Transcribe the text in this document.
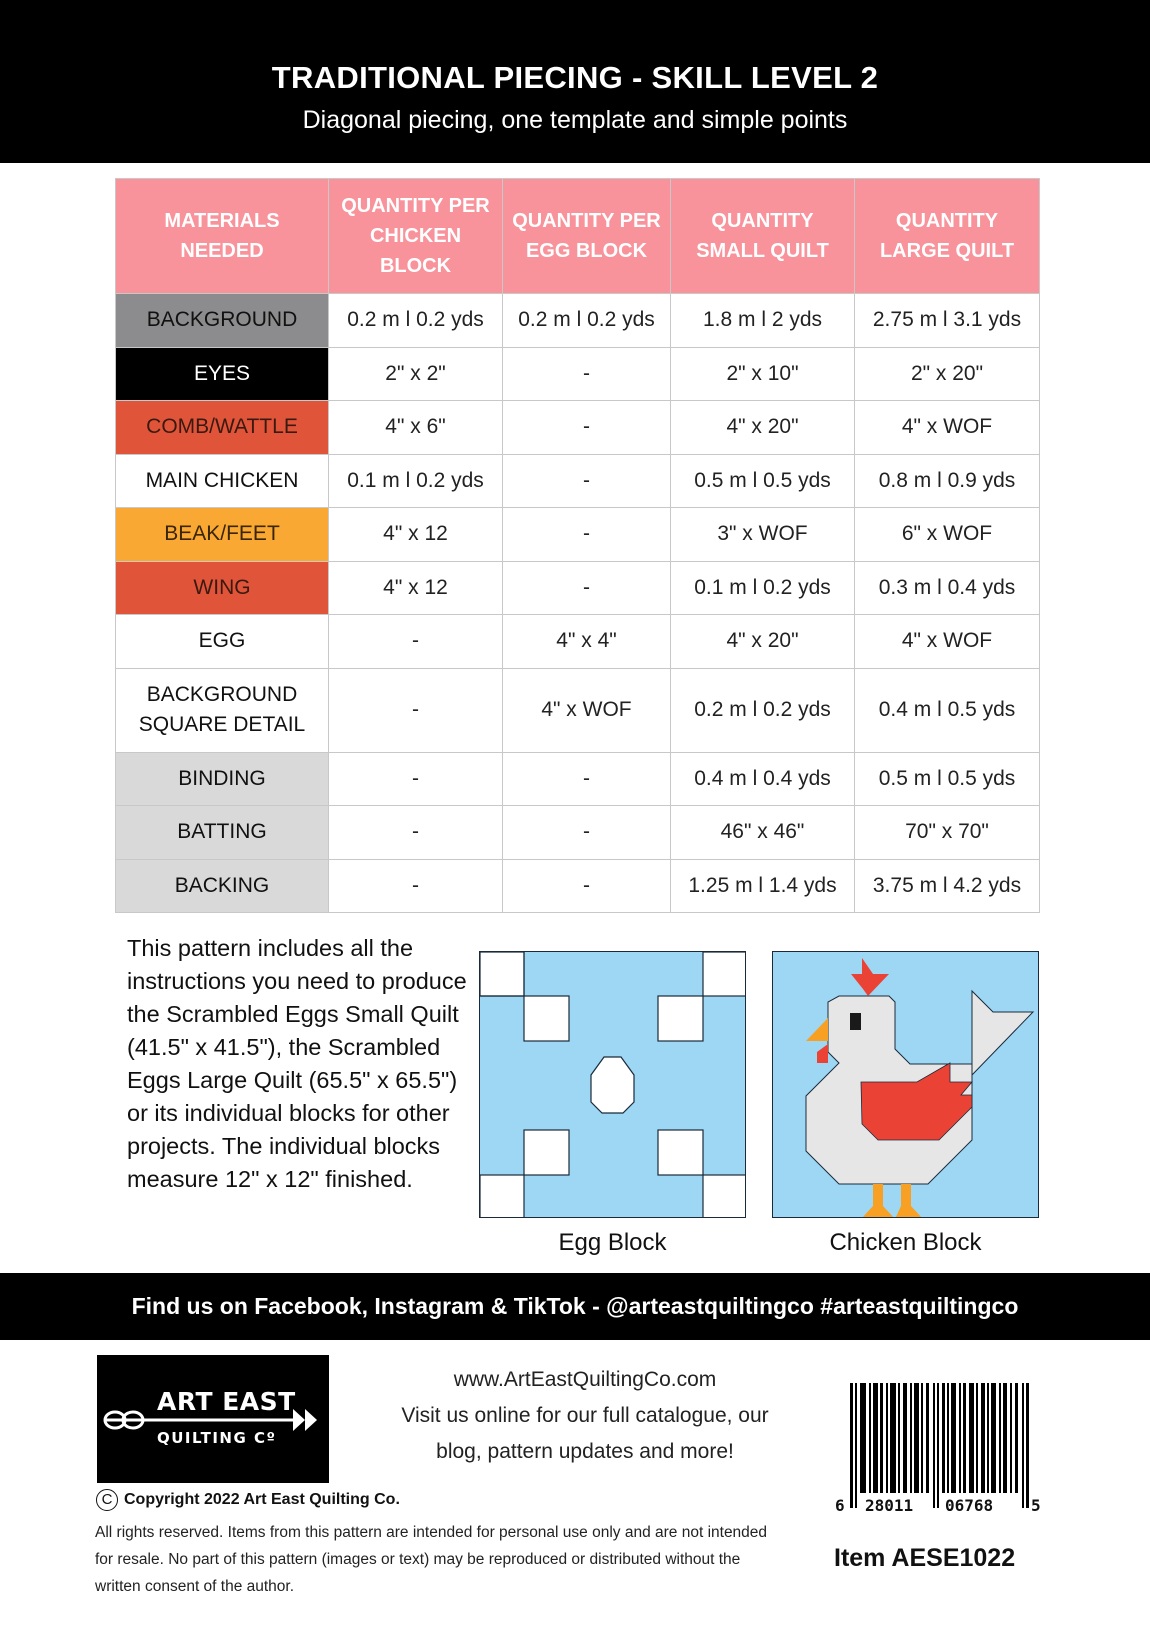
TRADITIONAL PIECING - SKILL LEVEL 2
Diagonal piecing, one template and simple points
MATERIALS NEEDED	QUANTITY PER CHICKEN BLOCK	QUANTITY PER EGG BLOCK	QUANTITY SMALL QUILT	QUANTITY LARGE QUILT
BACKGROUND	0.2 m l 0.2 yds	0.2 m l 0.2 yds	1.8 m l 2 yds	2.75 m l 3.1 yds
EYES	2" x 2"	-	2" x 10"	2" x 20"
COMB/WATTLE	4" x 6"	-	4" x 20"	4" x WOF
MAIN CHICKEN	0.1 m l 0.2 yds	-	0.5 m l 0.5 yds	0.8 m l 0.9 yds
BEAK/FEET	4" x 12	-	3" x WOF	6" x WOF
WING	4" x 12	-	0.1 m l 0.2 yds	0.3 m l 0.4 yds
EGG	-	4" x 4"	4" x 20"	4" x WOF
BACKGROUND SQUARE DETAIL	-	4" x WOF	0.2 m l 0.2 yds	0.4 m l 0.5 yds
BINDING	-	-	0.4 m l 0.4 yds	0.5 m l 0.5 yds
BATTING	-	-	46" x 46"	70" x 70"
BACKING	-	-	1.25 m l 1.4 yds	3.75 m l 4.2 yds
This pattern includes all the instructions you need to produce the Scrambled Eggs Small Quilt (41.5" x 41.5"), the Scrambled Eggs Large Quilt (65.5" x 65.5") or its individual blocks for other projects. The individual blocks measure 12" x 12" finished.
Egg Block	Chicken Block
Find us on Facebook, Instagram & TikTok - @arteastquiltingco #arteastquiltingco
ART EAST
QUILTING Cº
C Copyright 2022 Art East Quilting Co.
All rights reserved. Items from this pattern are intended for personal use only and are not intended for resale. No part of this pattern (images or text) may be reproduced or distributed without the written consent of the author.
www.ArtEastQuiltingCo.com
Visit us online for our full catalogue, our
blog, pattern updates and more!
6 28011 06768 5
Item AESE1022
